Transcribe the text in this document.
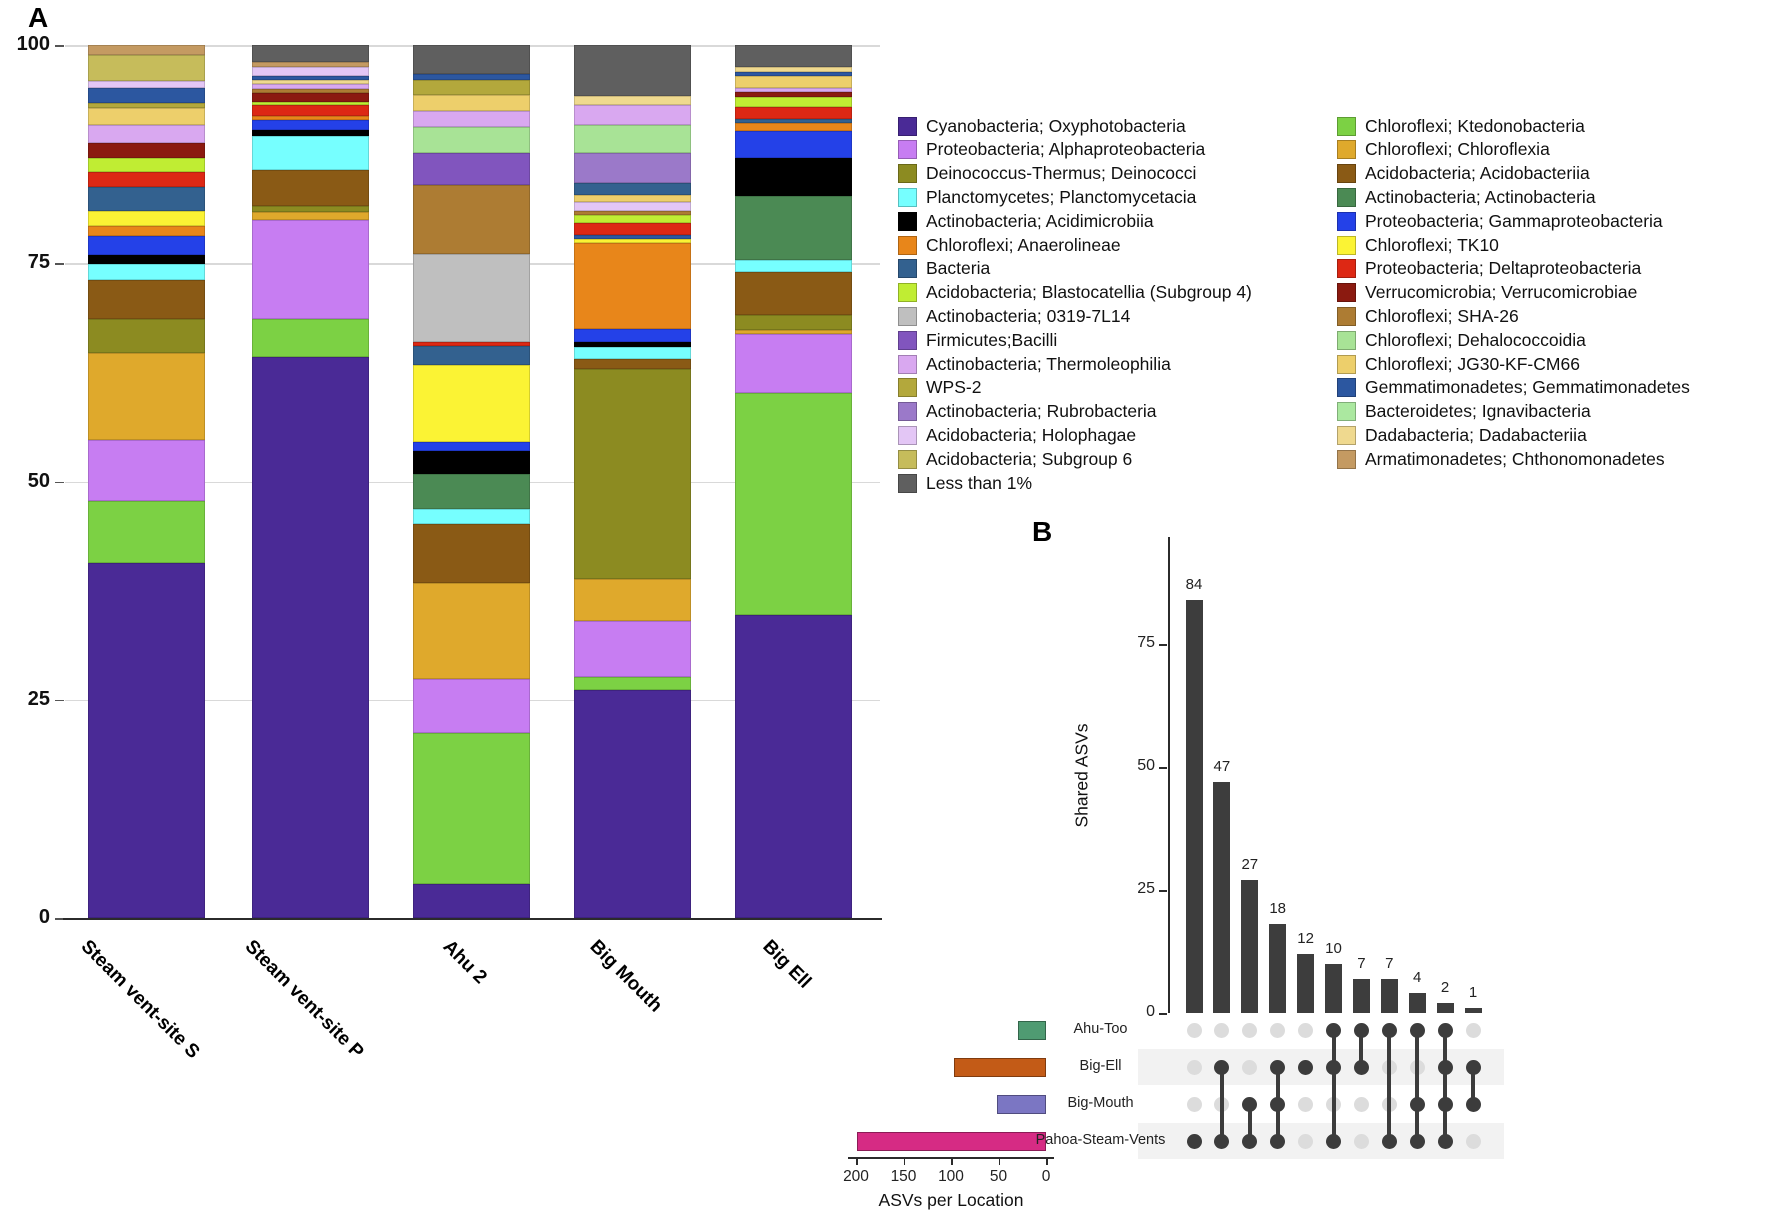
A
100
75
50
25
0
Steam vent-site S Steam vent-site P	Ahu 2	Big Mouth	Big Ell
Cyanobacteria; Oxyphotobacteria
Proteobacteria; Alphaproteobacteria
Deinococcus-Thermus; Deinococci
Planctomycetes; Planctomycetacia
Actinobacteria; Acidimicrobiia
Chloroflexi; Anaerolineae
Bacteria
Acidobacteria; Blastocatellia (Subgroup 4)
Actinobacteria; 0319-7L14
Firmicutes;Bacilli
Actinobacteria; Thermoleophilia
WPS-2
Actinobacteria; Rubrobacteria
Acidobacteria; Holophagae
Acidobacteria; Subgroup 6
Less than 1%
Chloroflexi; Ktedonobacteria
Chloroflexi; Chloroflexia
Acidobacteria; Acidobacteriia
Actinobacteria; Actinobacteria
Proteobacteria; Gammaproteobacteria
Chloroflexi; TK10
Proteobacteria; Deltaproteobacteria
Verrucomicrobia; Verrucomicrobiae
Chloroflexi; SHA-26
Chloroflexi; Dehalococcoidia
Chloroflexi; JG30-KF-CM66
Gemmatimonadetes; Gemmatimonadetes
Bacteroidetes; Ignavibacteria
Dadabacteria; Dadabacteriia
Armatimonadetes; Chthonomonadetes
B
0
25
50
75
Shared ASVs
84
47
27
18
12
10
7	7
4
2	1
Ahu-Too
Big-Ell
Big-Mouth
Pahoa-Steam-Vents
200	150	100	50	0
ASVs per Location
